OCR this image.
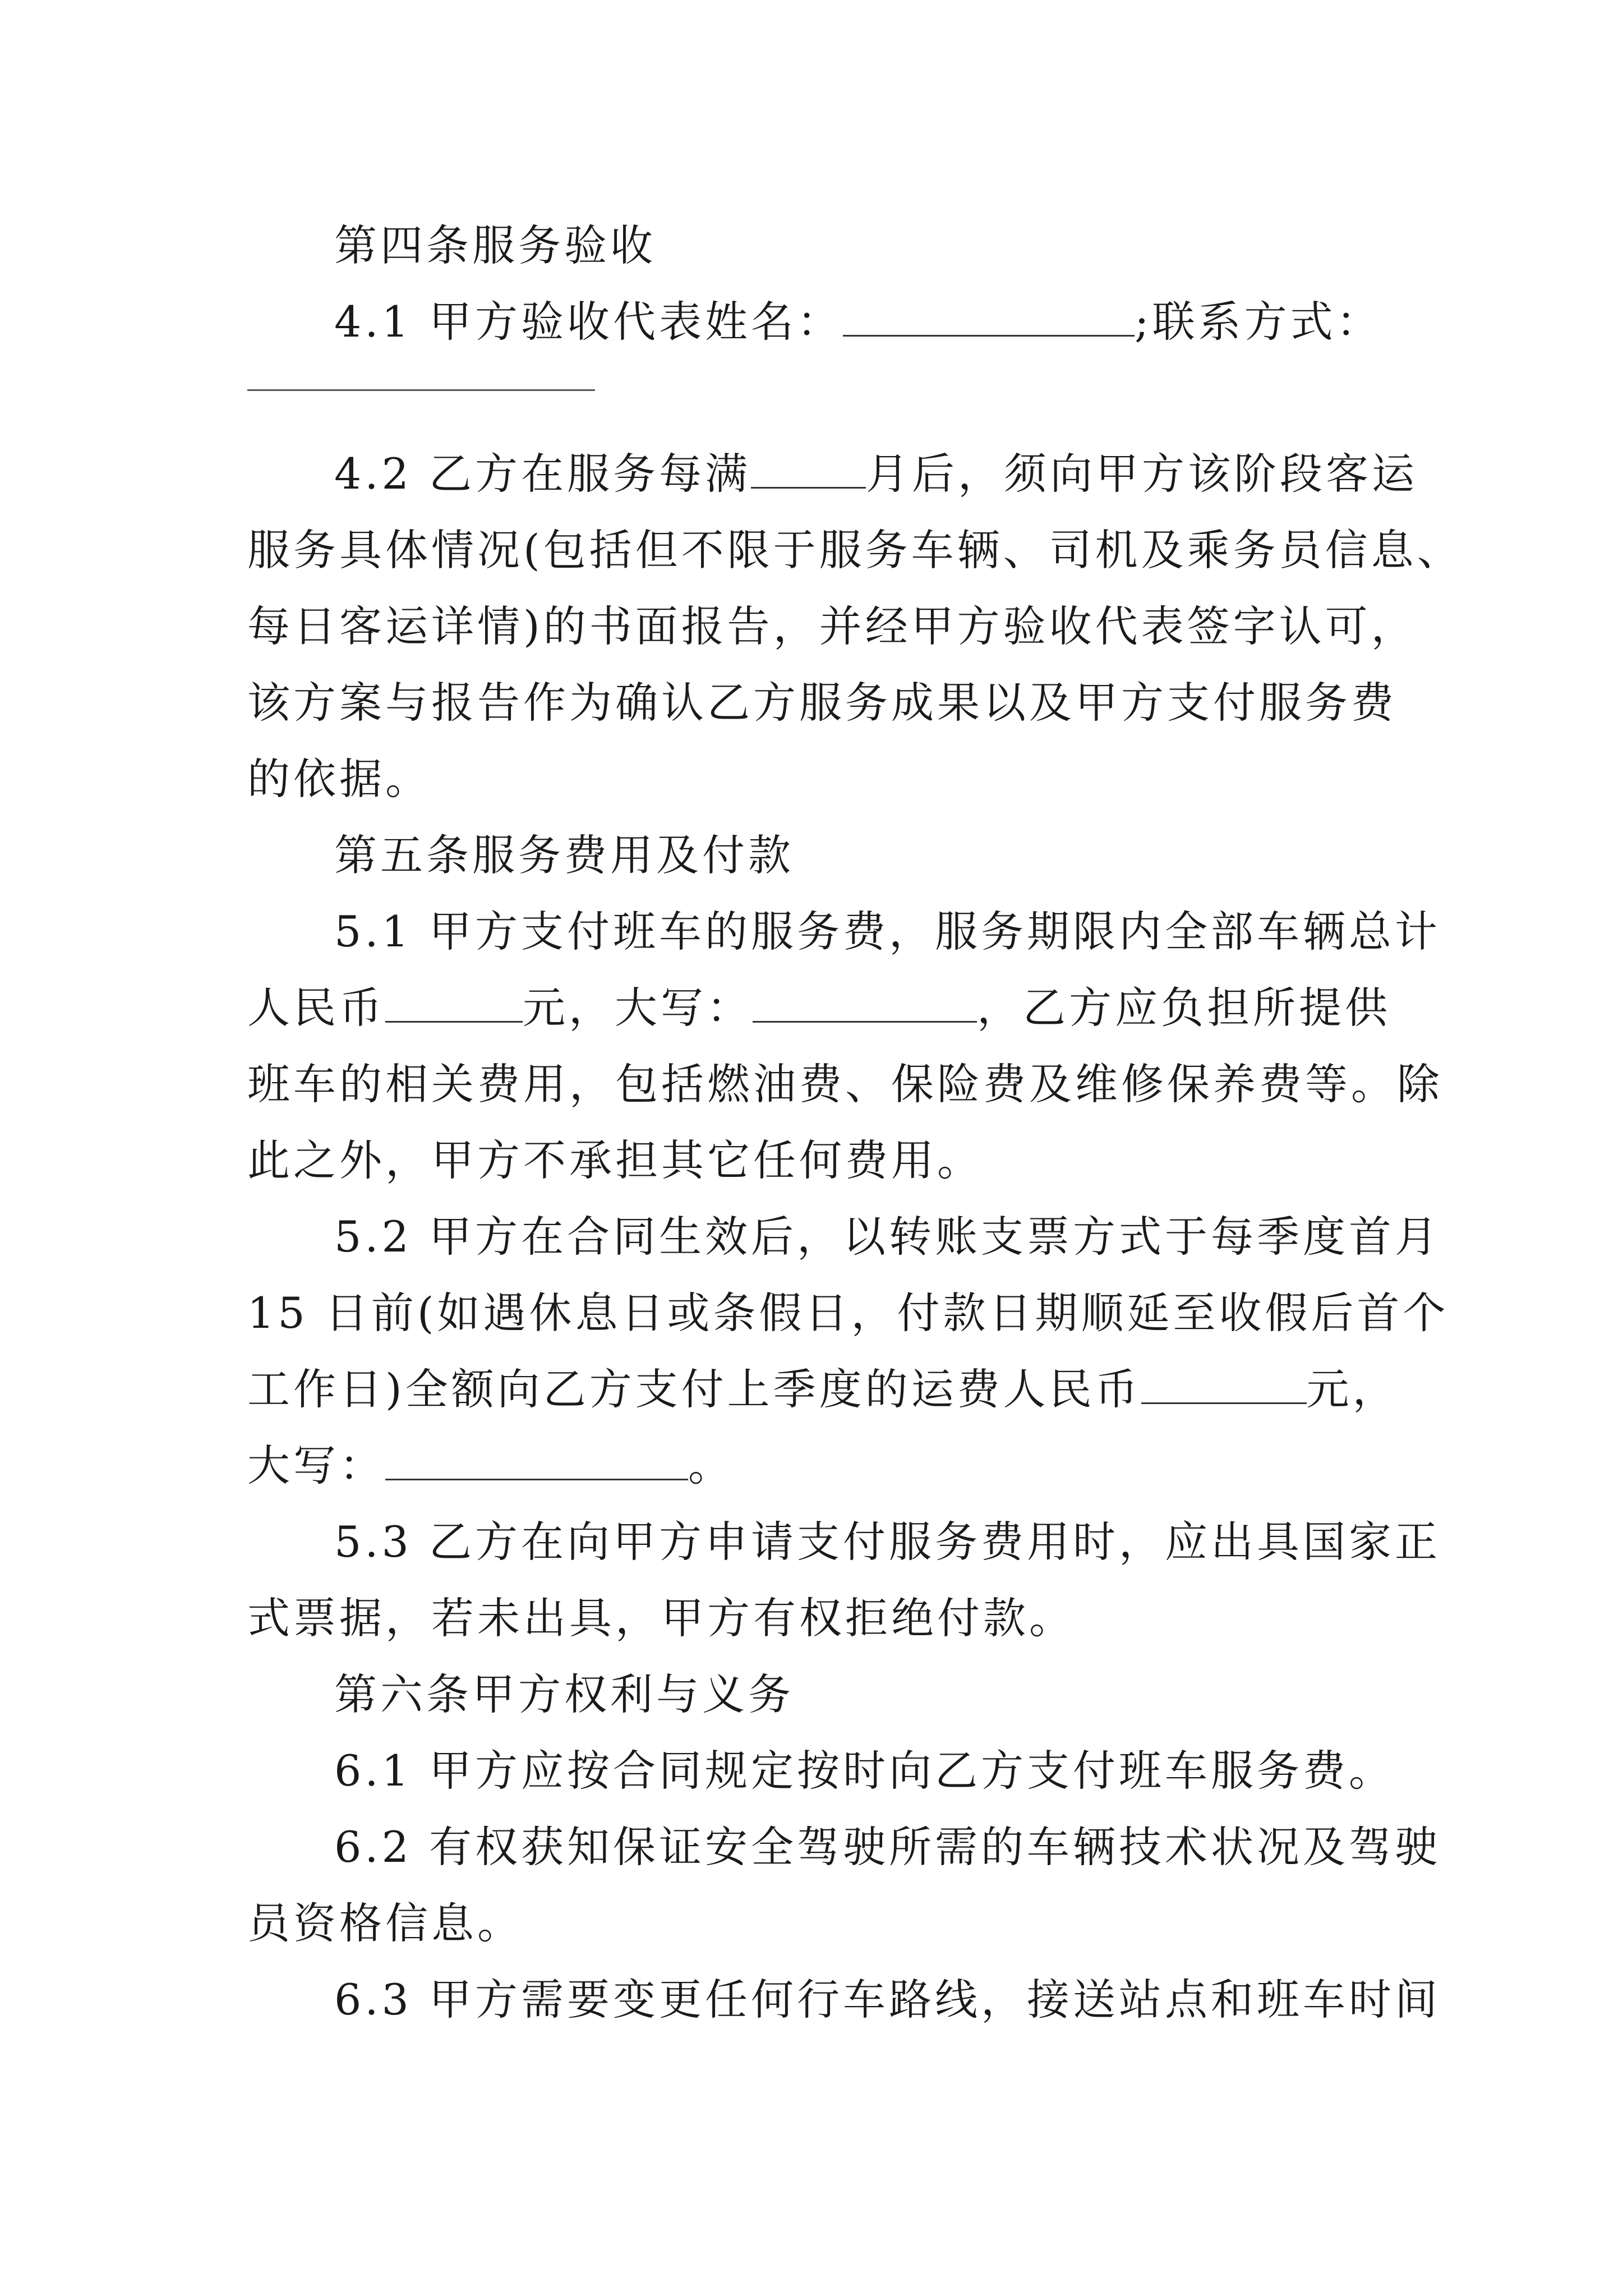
第四条服务验收

4.1 甲方验收代表姓名：	;联系方式：

4.2 乙方在服务每满	月后，须向甲方该阶段客运

服务具体情况(包括但不限于服务车辆、司机及乘务员信息、

每日客运详情)的书面报告，并经甲方验收代表签字认可，

该方案与报告作为确认乙方服务成果以及甲方支付服务费

的依据。

第五条服务费用及付款

5.1 甲方支付班车的服务费，服务期限内全部车辆总计

人民币	元，大写：	，乙方应负担所提供

班车的相关费用，包括燃油费、保险费及维修保养费等。除

此之外，甲方不承担其它任何费用。

5.2 甲方在合同生效后，以转账支票方式于每季度首月

15 日前(如遇休息日或条假日，付款日期顺延至收假后首个

工作日)全额向乙方支付上季度的运费人民币	元，

大写：	。

5.3 乙方在向甲方申请支付服务费用时，应出具国家正

式票据，若未出具，甲方有权拒绝付款。

第六条甲方权利与义务

6.1 甲方应按合同规定按时向乙方支付班车服务费。

6.2 有权获知保证安全驾驶所需的车辆技术状况及驾驶

员资格信息。

6.3 甲方需要变更任何行车路线，接送站点和班车时间
